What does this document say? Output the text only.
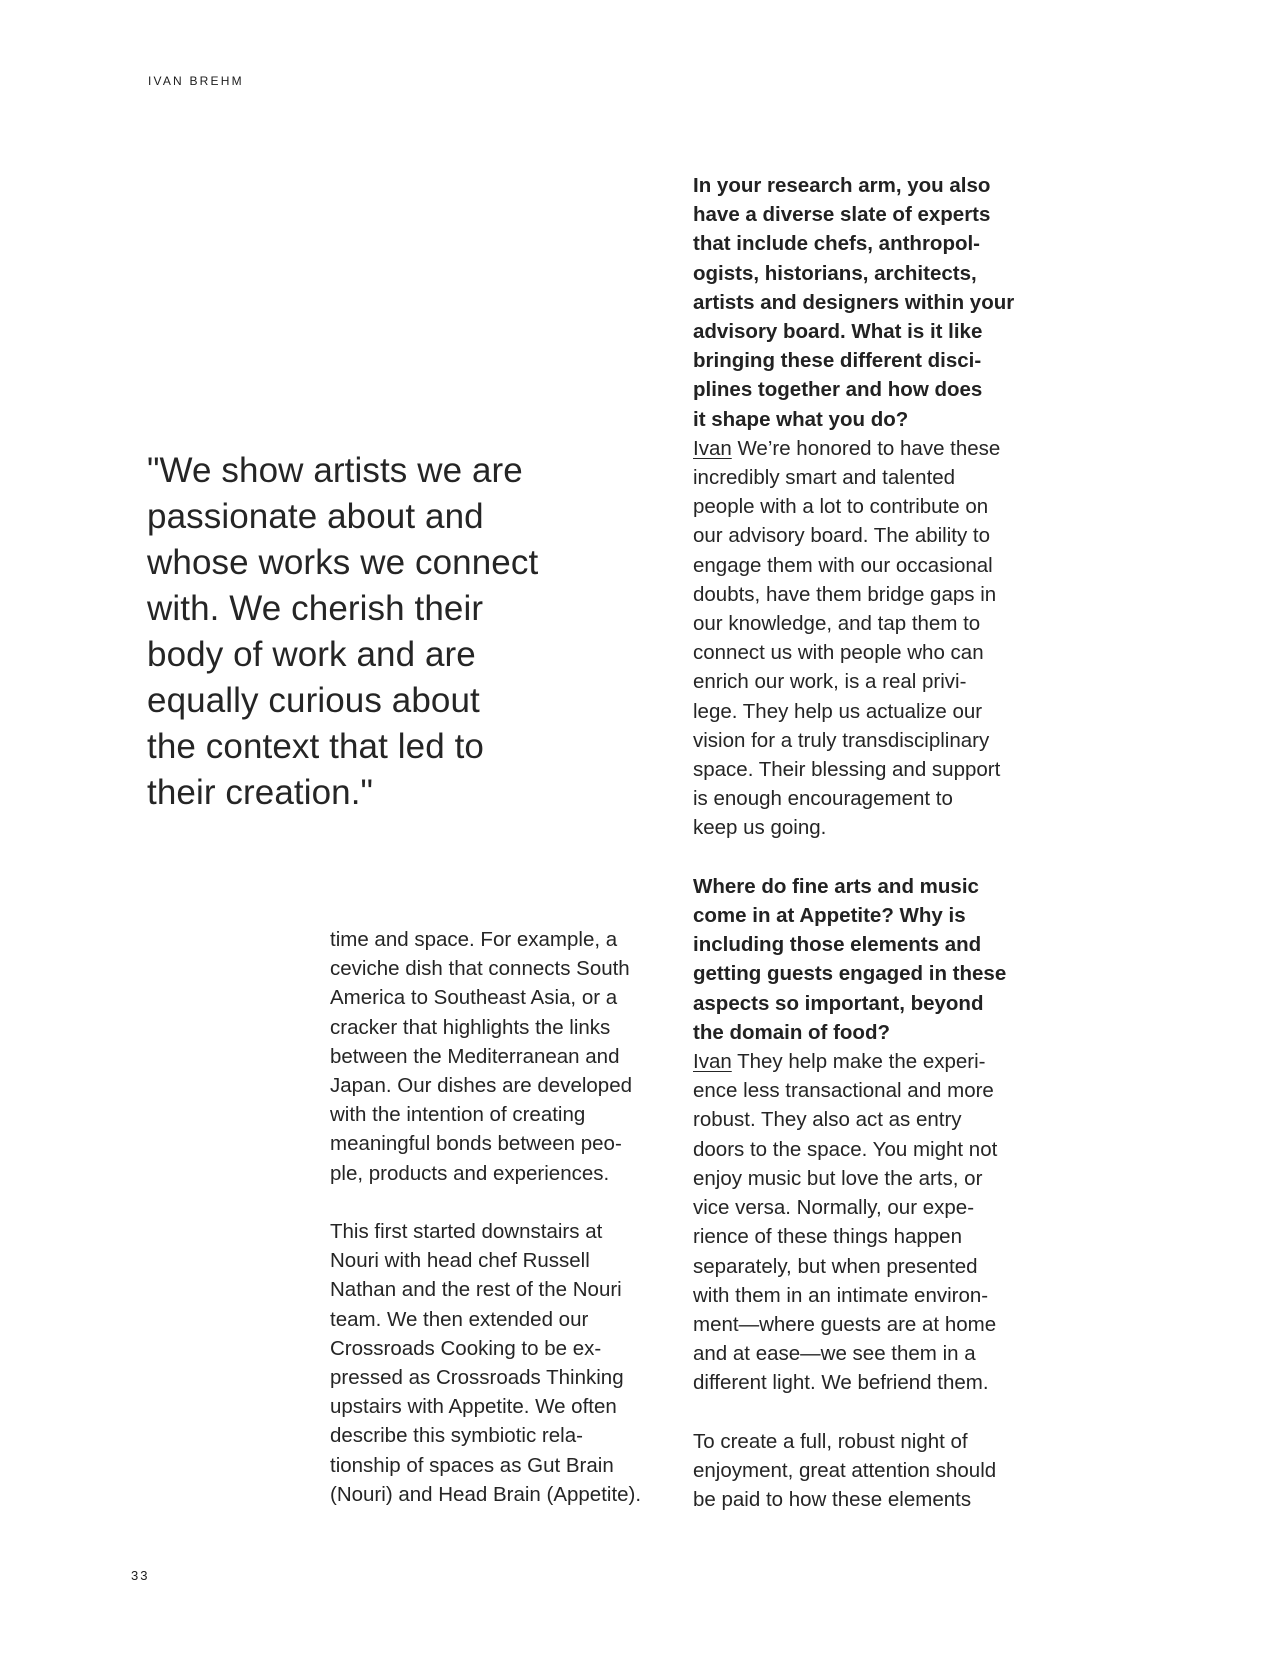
IVAN BREHM
"We show artists we are
passionate about and
whose works we connect
with. We cherish their
body of work and are
equally curious about
the context that led to
their creation."
time and space. For example, a
ceviche dish that connects South
America to Southeast Asia, or a
cracker that highlights the links
between the Mediterranean and
Japan. Our dishes are developed
with the intention of creating
meaningful bonds between peo-
ple, products and experiences.
This first started downstairs at
Nouri with head chef Russell
Nathan and the rest of the Nouri
team. We then extended our
Crossroads Cooking to be ex-
pressed as Crossroads Thinking
upstairs with Appetite. We often
describe this symbiotic rela-
tionship of spaces as Gut Brain
(Nouri) and Head Brain (Appetite).
In your research arm, you also
have a diverse slate of experts
that include chefs, anthropol-
ogists, historians, architects,
artists and designers within your
advisory board. What is it like
bringing these different disci-
plines together and how does
it shape what you do?
Ivan We’re honored to have these
incredibly smart and talented
people with a lot to contribute on
our advisory board. The ability to
engage them with our occasional
doubts, have them bridge gaps in
our knowledge, and tap them to
connect us with people who can
enrich our work, is a real privi-
lege. They help us actualize our
vision for a truly transdisciplinary
space. Their blessing and support
is enough encouragement to
keep us going.
Where do fine arts and music
come in at Appetite? Why is
including those elements and
getting guests engaged in these
aspects so important, beyond
the domain of food?
Ivan They help make the experi-
ence less transactional and more
robust. They also act as entry
doors to the space. You might not
enjoy music but love the arts, or
vice versa. Normally, our expe-
rience of these things happen
separately, but when presented
with them in an intimate environ-
ment—where guests are at home
and at ease—we see them in a
different light. We befriend them.
To create a full, robust night of
enjoyment, great attention should
be paid to how these elements
33
